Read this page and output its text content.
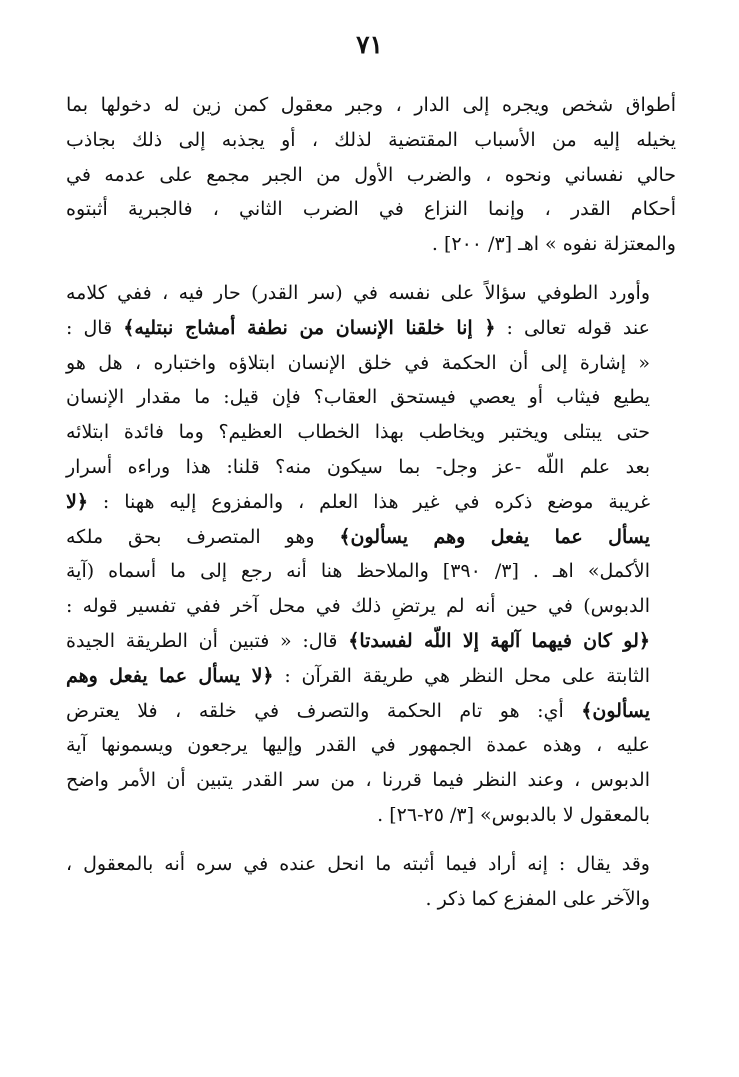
٧١

أطواق شخص ويجره إلى الدار ، وجبر معقول كمن زين له دخولها بما
يخيله إليه من الأسباب المقتضية لذلك ، أو يجذبه إلى ذلك بجاذب
حالي نفساني ونحوه ، والضرب الأول من الجبر مجمع على عدمه في
أحكام القدر ، وإنما النزاع في الضرب الثاني ، فالجبرية أثبتوه
والمعتزلة نفوه » اهـ [٣/ ٢٠٠] .

وأورد الطوفي سؤالاً على نفسه في (سر القدر) حار فيه ، ففي كلامه
عند قوله تعالى : ﴿ إنا خلقنا الإنسان من نطفة أمشاج نبتليه﴾ قال :
« إشارة إلى أن الحكمة في خلق الإنسان ابتلاؤه واختباره ، هل هو
يطيع فيثاب أو يعصي فيستحق العقاب؟ فإن قيل: ما مقدار الإنسان
حتى يبتلى ويختبر ويخاطب بهذا الخطاب العظيم؟ وما فائدة ابتلائه
بعد علم اللّه -عز وجل- بما سيكون منه؟ قلنا: هذا وراءه أسرار
غريبة موضع ذكره في غير هذا العلم ، والمفزوع إليه ههنا : ﴿لا
يسأل عما يفعل وهم يسألون﴾ وهو المتصرف بحق ملكه
الأكمل» اهـ . [٣/ ٣٩٠] والملاحظ هنا أنه رجع إلى ما أسماه (آية
الدبوس) في حين أنه لم يرتضِ ذلك في محل آخر ففي تفسير قوله :
﴿لو كان فيهما آلهة إلا اللّه لفسدتا﴾ قال: « فتبين أن الطريقة الجيدة
الثابتة على محل النظر هي طريقة القرآن : ﴿لا يسأل عما يفعل وهم
يسألون﴾ أي: هو تام الحكمة والتصرف في خلقه ، فلا يعترض
عليه ، وهذه عمدة الجمهور في القدر وإليها يرجعون ويسمونها آية
الدبوس ، وعند النظر فيما قررنا ، من سر القدر يتبين أن الأمر واضح
بالمعقول لا بالدبوس» [٣/ ٢٥-٢٦] .

وقد يقال : إنه أراد فيما أثبته ما انحل عنده في سره أنه بالمعقول ،
والآخر على المفزع كما ذكر .
